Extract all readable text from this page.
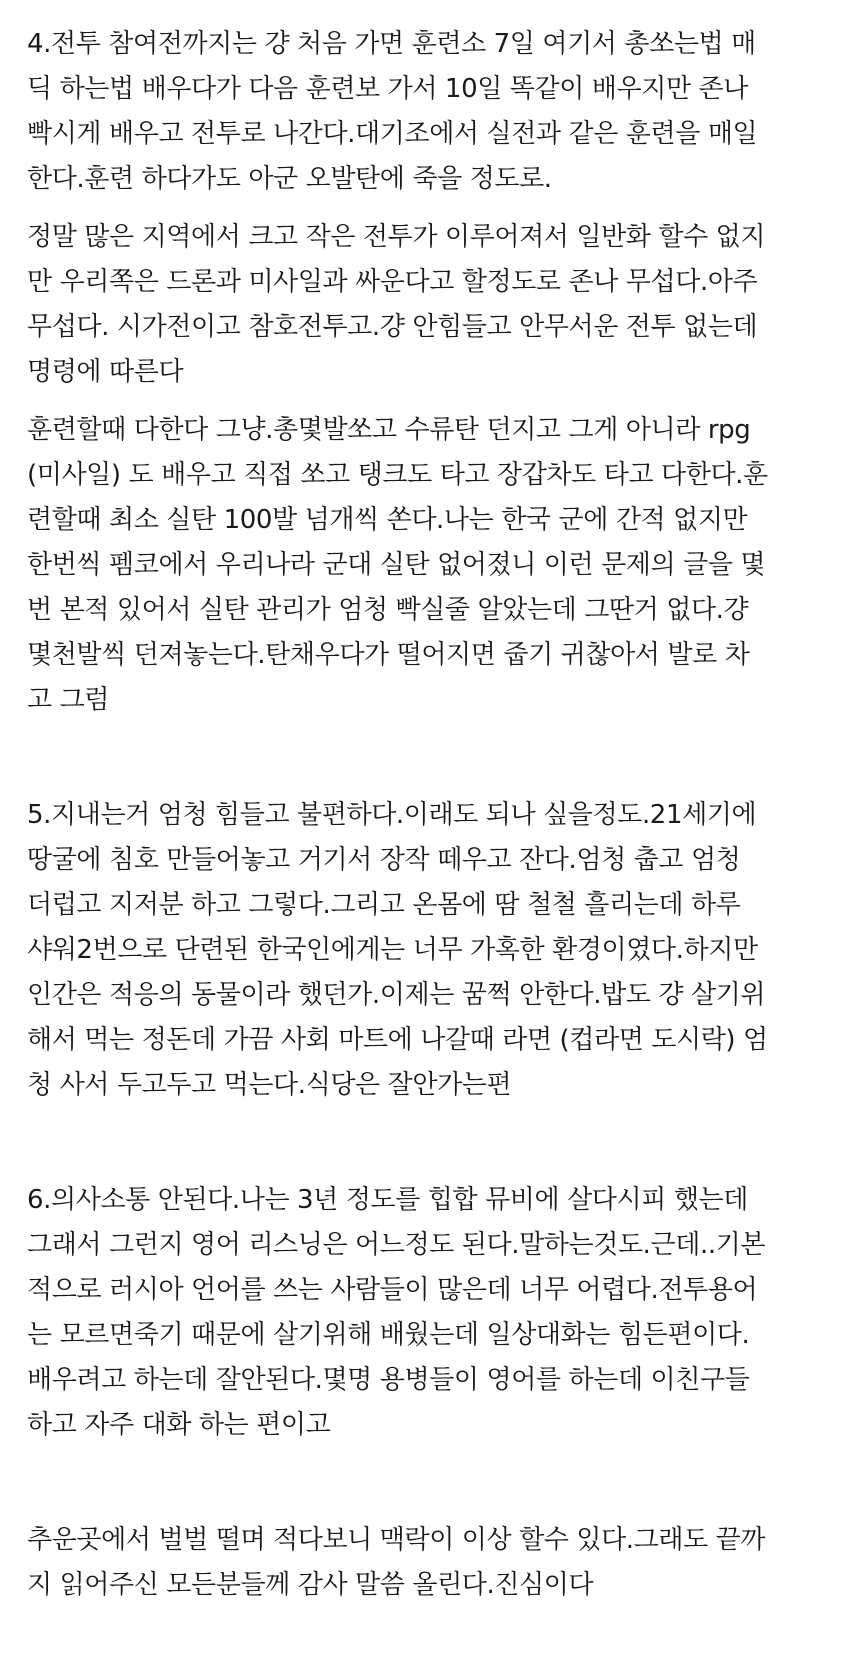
4.전투 참여전까지는 걍 처음 가면 훈련소 7일 여기서 총쏘는법 매
딕 하는법 배우다가 다음 훈련보 가서 10일 똑같이 배우지만 존나
빡시게 배우고 전투로 나간다.대기조에서 실전과 같은 훈련을 매일
한다.훈련 하다가도 아군 오발탄에 죽을 정도로.
정말 많은 지역에서 크고 작은 전투가 이루어져서 일반화 할수 없지
만 우리쪽은 드론과 미사일과 싸운다고 할정도로 존나 무섭다.아주
무섭다. 시가전이고 참호전투고.걍 안힘들고 안무서운 전투 없는데
명령에 따른다
훈련할때 다한다 그냥.총몇발쏘고 수류탄 던지고 그게 아니라 rpg
(미사일) 도 배우고 직접 쏘고 탱크도 타고 장갑차도 타고 다한다.훈
련할때 최소 실탄 100발 넘개씩 쏜다.나는 한국 군에 간적 없지만
한번씩 펨코에서 우리나라 군대 실탄 없어졌니 이런 문제의 글을 몇
번 본적 있어서 실탄 관리가 엄청 빡실줄 알았는데 그딴거 없다.걍
몇천발씩 던져놓는다.탄채우다가 떨어지면 줍기 귀찮아서 발로 차
고 그럼
5.지내는거 엄청 힘들고 불편하다.이래도 되나 싶을정도.21세기에
땅굴에 침호 만들어놓고 거기서 장작 떼우고 잔다.엄청 춥고 엄청
더럽고 지저분 하고 그렇다.그리고 온몸에 땀 철철 흘리는데 하루
샤워2번으로 단련된 한국인에게는 너무 가혹한 환경이였다.하지만
인간은 적응의 동물이라 했던가.이제는 꿈쩍 안한다.밥도 걍 살기위
해서 먹는 정돈데 가끔 사회 마트에 나갈때 라면 (컵라면 도시락) 엄
청 사서 두고두고 먹는다.식당은 잘안가는편
6.의사소통 안된다.나는 3년 정도를 힙합 뮤비에 살다시피 했는데
그래서 그런지 영어 리스닝은 어느정도 된다.말하는것도.근데..기본
적으로 러시아 언어를 쓰는 사람들이 많은데 너무 어렵다.전투용어
는 모르면죽기 때문에 살기위해 배웠는데 일상대화는 힘든편이다.
배우려고 하는데 잘안된다.몇명 용병들이 영어를 하는데 이친구들
하고 자주 대화 하는 편이고
추운곳에서 벌벌 떨며 적다보니 맥락이 이상 할수 있다.그래도 끝까
지 읽어주신 모든분들께 감사 말씀 올린다.진심이다
